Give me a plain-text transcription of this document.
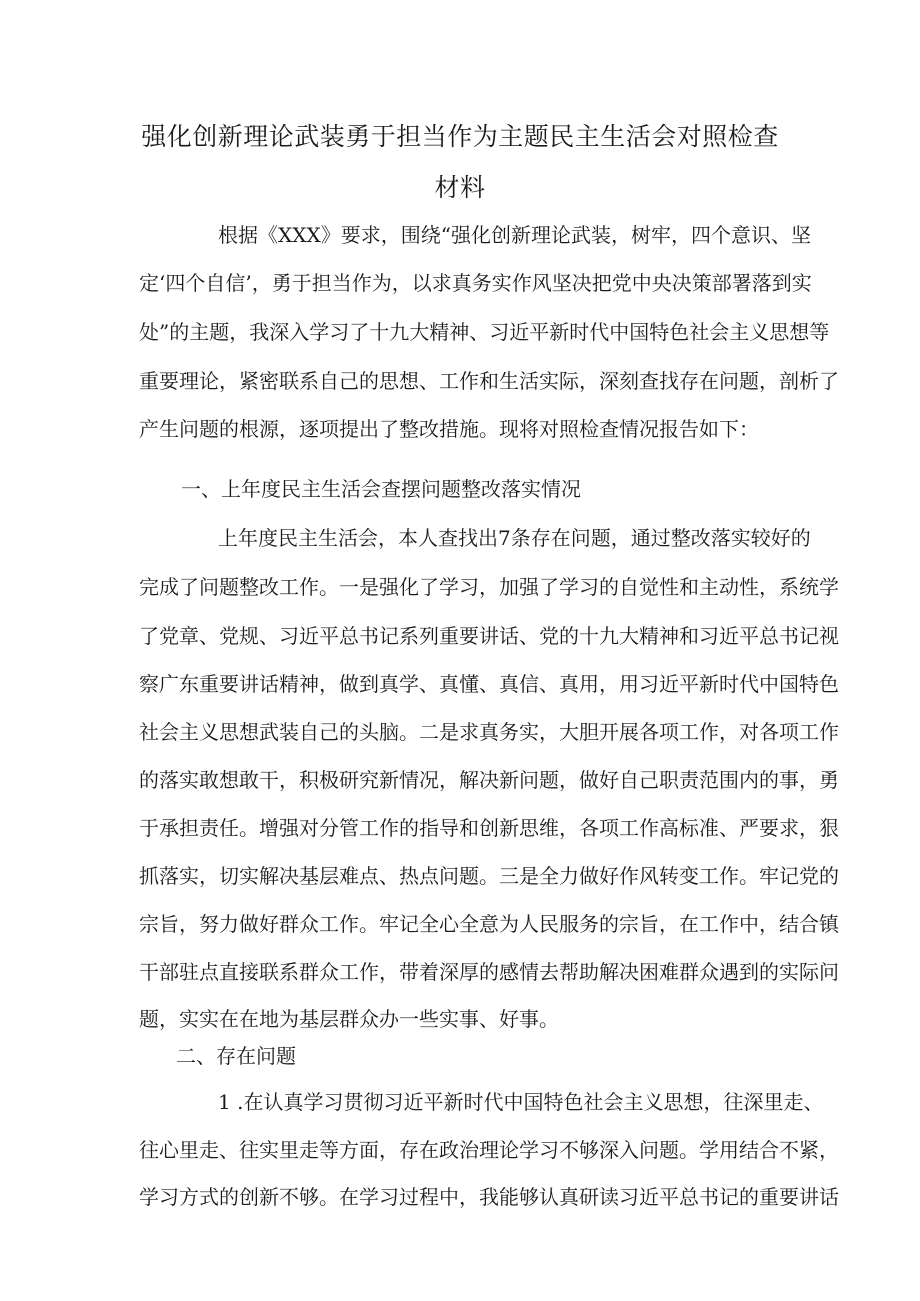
强化创新理论武装勇于担当作为主题民主生活会对照检查
材料

根据《XXX》要求，围绕“强化创新理论武装，树牢，四个意识、坚

定‘四个自信’，勇于担当作为，以求真务实作风坚决把党中央决策部署落到实

处”的主题，我深入学习了十九大精神、习近平新时代中国特色社会主义思想等

重要理论，紧密联系自己的思想、工作和生活实际，深刻查找存在问题，剖析了

产生问题的根源，逐项提出了整改措施。现将对照检查情况报告如下：

一、上年度民主生活会查摆问题整改落实情况

上年度民主生活会，本人查找出7条存在问题，通过整改落实较好的

完成了问题整改工作。一是强化了学习，加强了学习的自觉性和主动性，系统学

了党章、党规、习近平总书记系列重要讲话、党的十九大精神和习近平总书记视

察广东重要讲话精神，做到真学、真懂、真信、真用，用习近平新时代中国特色

社会主义思想武装自己的头脑。二是求真务实，大胆开展各项工作，对各项工作

的落实敢想敢干，积极研究新情况，解决新问题，做好自己职责范围内的事，勇

于承担责任。增强对分管工作的指导和创新思维，各项工作高标准、严要求，狠

抓落实，切实解决基层难点、热点问题。三是全力做好作风转变工作。牢记党的

宗旨，努力做好群众工作。牢记全心全意为人民服务的宗旨，在工作中，结合镇

干部驻点直接联系群众工作，带着深厚的感情去帮助解决困难群众遇到的实际问

题，实实在在地为基层群众办一些实事、好事。

二、存在问题

1 .在认真学习贯彻习近平新时代中国特色社会主义思想，往深里走、

往心里走、往实里走等方面，存在政治理论学习不够深入问题。学用结合不紧，

学习方式的创新不够。在学习过程中，我能够认真研读习近平总书记的重要讲话
